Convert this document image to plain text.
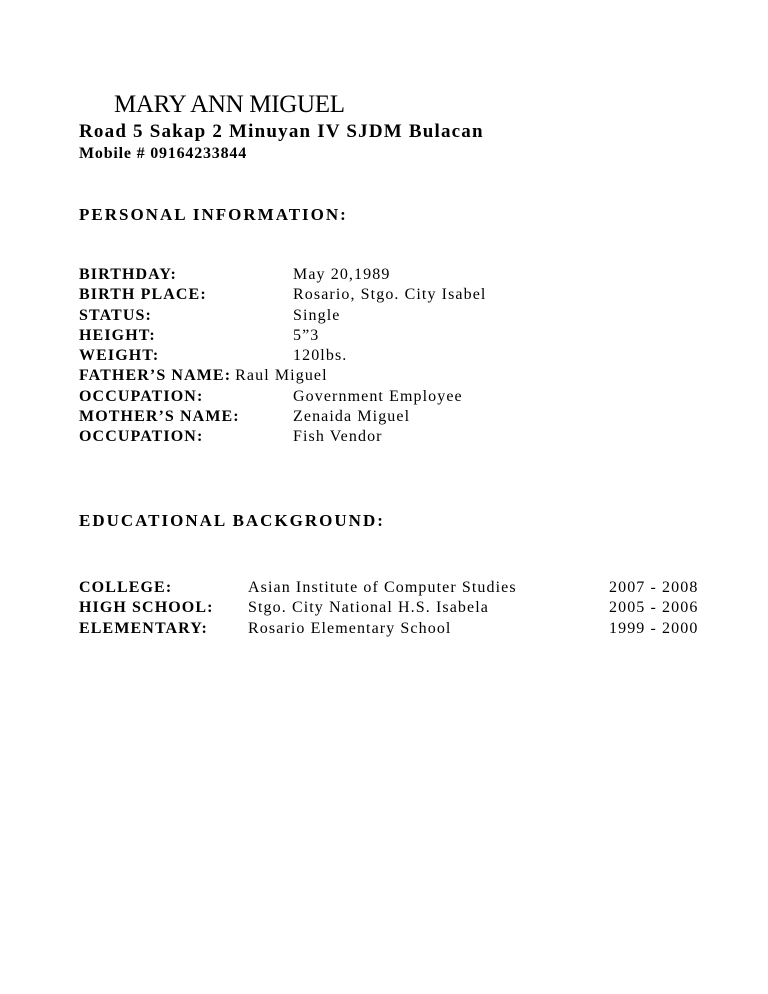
MARY ANN MIGUEL
Road 5 Sakap 2 Minuyan IV SJDM Bulacan
Mobile # 09164233844
PERSONAL INFORMATION:
BIRTHDAY:	May 20,1989
BIRTH PLACE:	Rosario, Stgo. City Isabel
STATUS:	Single
HEIGHT:	5”3
WEIGHT:	120lbs.
FATHER’S NAME: Raul Miguel
OCCUPATION:	Government Employee
MOTHER’S NAME:	Zenaida Miguel
OCCUPATION:	Fish Vendor
EDUCATIONAL BACKGROUND:
COLLEGE:	Asian Institute of Computer Studies	2007 - 2008
HIGH SCHOOL: Stgo. City National H.S. Isabela	2005 - 2006
ELEMENTARY:	Rosario Elementary School	1999 - 2000
